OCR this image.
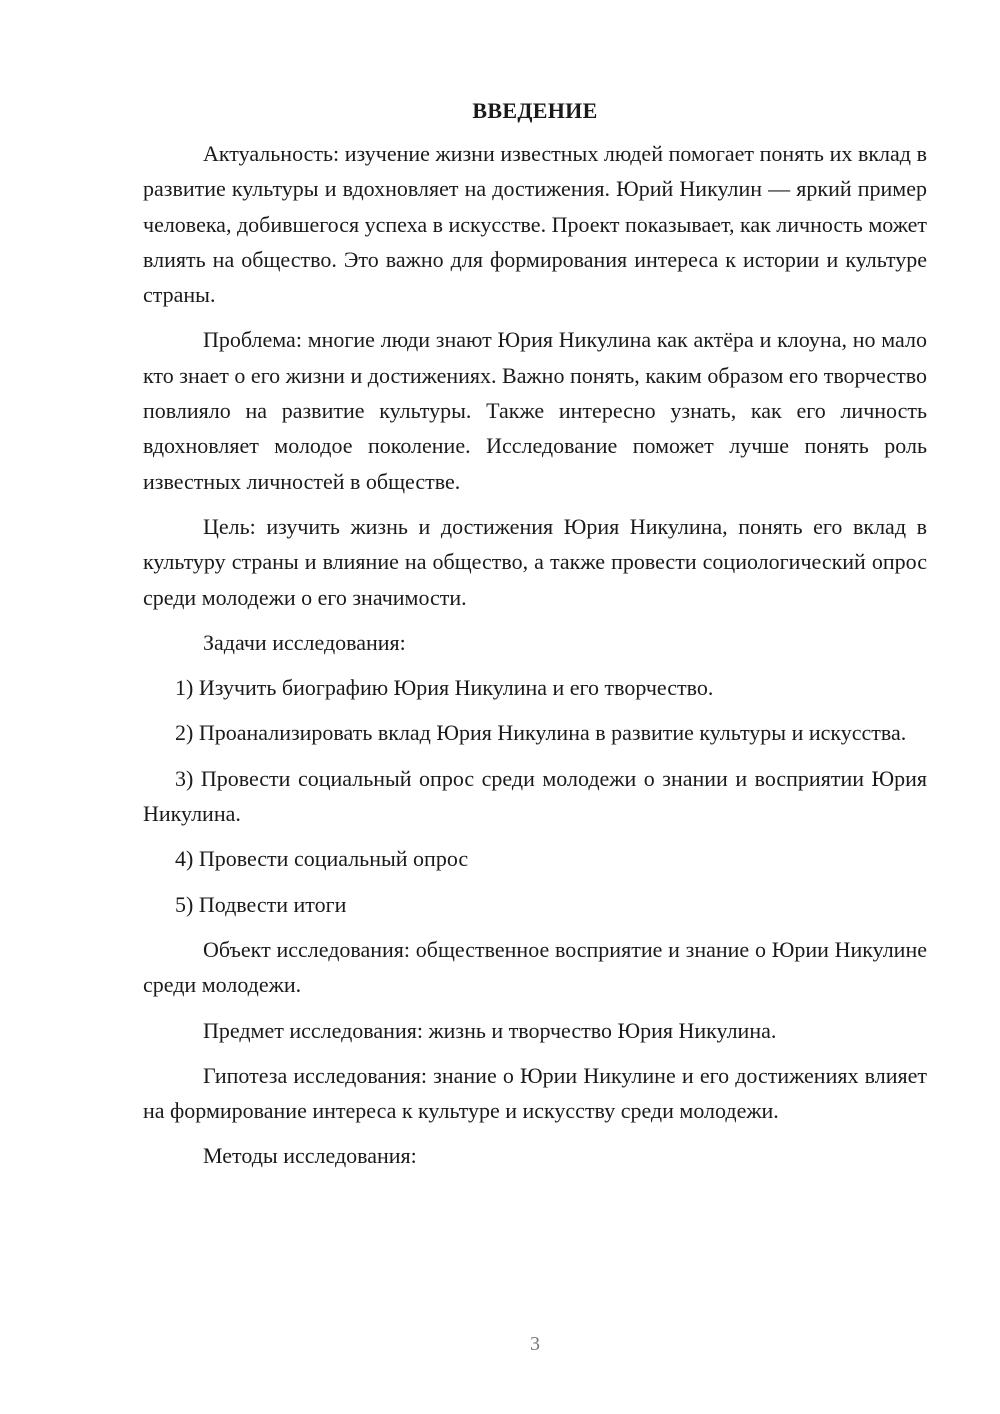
ВВЕДЕНИЕ

Актуальность: изучение жизни известных людей помогает понять их вклад в развитие культуры и вдохновляет на достижения. Юрий Никулин — яркий пример человека, добившегося успеха в искусстве. Проект показывает, как личность может влиять на общество. Это важно для формирования интереса к истории и культуре страны.

Проблема: многие люди знают Юрия Никулина как актёра и клоуна, но мало кто знает о его жизни и достижениях. Важно понять, каким образом его творчество повлияло на развитие культуры. Также интересно узнать, как его личность вдохновляет молодое поколение. Исследование поможет лучше понять роль известных личностей в обществе.

Цель: изучить жизнь и достижения Юрия Никулина, понять его вклад в культуру страны и влияние на общество, а также провести социологический опрос среди молодежи о его значимости.

Задачи исследования:

1) Изучить биографию Юрия Никулина и его творчество.

2) Проанализировать вклад Юрия Никулина в развитие культуры и искусства.

3) Провести социальный опрос среди молодежи о знании и восприятии Юрия Никулина.

4) Провести социальный опрос

5) Подвести итоги

Объект исследования: общественное восприятие и знание о Юрии Никулине среди молодежи.

Предмет исследования: жизнь и творчество Юрия Никулина.

Гипотеза исследования: знание о Юрии Никулине и его достижениях влияет на формирование интереса к культуре и искусству среди молодежи.

Методы исследования:

3
